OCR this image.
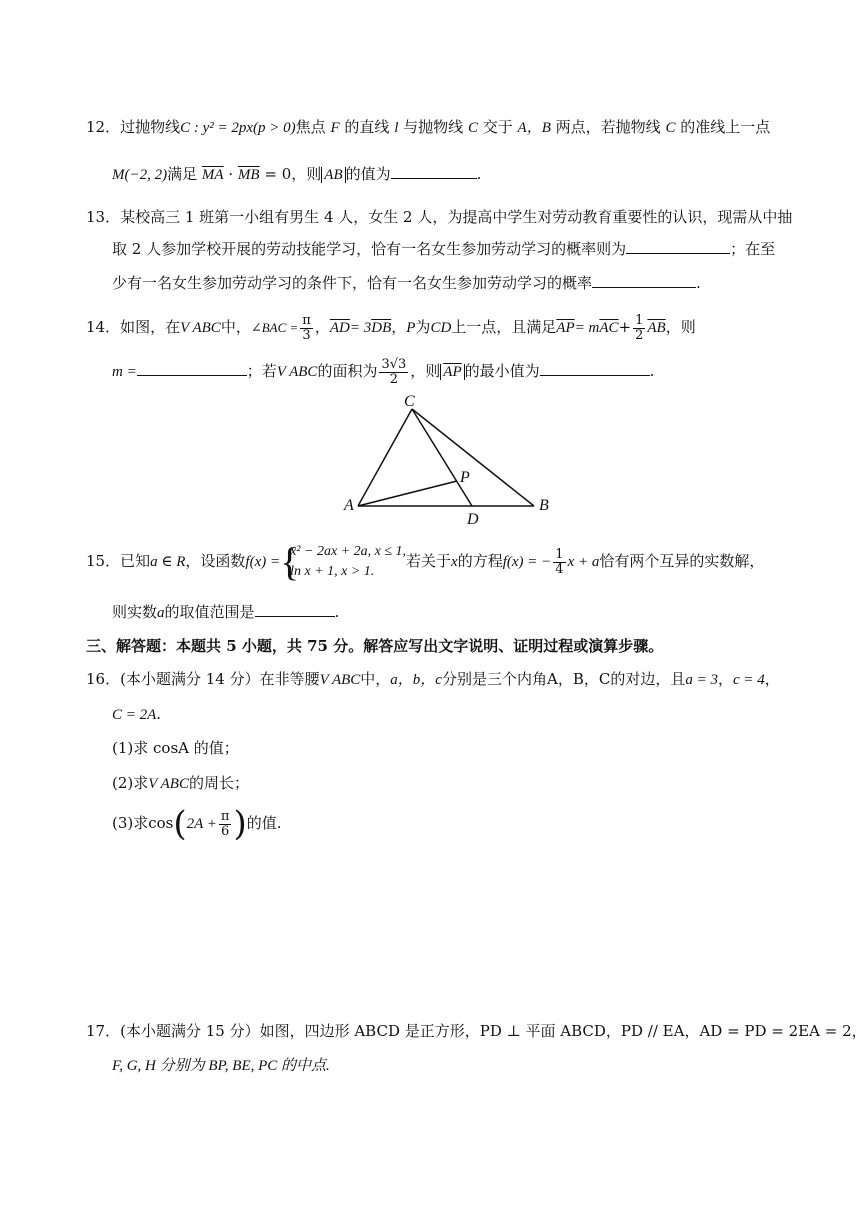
12．过抛物线C : y² = 2px(p > 0)焦点 F 的直线 l 与抛物线 C 交于 A，B 两点，若抛物线 C 的准线上一点
M(−2, 2)满足 $\overline{MA} \cdot \overline{MB} = 0$，则 AB 的值为	.
13．某校高三 1 班第一小组有男生 4 人，女生 2 人，为提高中学生对劳动教育重要性的认识，现需从中抽
取 2 人参加学校开展的劳动技能学习，恰有一名女生参加劳动学习的概率则为	；在至
少有一名女生参加劳动学习的条件下，恰有一名女生参加劳动学习的概率	.
14．如图，在V ABC中，∠BAC = $\frac{\pi}{3}$ ，$\overline{AD}= 3\overline{DB}$，P为CD上一点，且满足$\overline{AP}= m\overline{AC}+ \frac{1}{2} \overline{AB}$，则
m =	；若V ABC的面积为 $\frac{3√3}{2}$ ，则 $\overline{AP}$ 的最小值为	.
C
P
A
D
B
15．已知a ∈ R，设函数f(x) = {
x² − 2ax + 2a, x ≤ 1,
ln x + 1, x > 1.
若关于x的方程f(x) = − $\frac{1}{4}$ x + a恰有两个互异的实数解，
则实数a的取值范围是	.
三、解答题：本题共 5 小题，共 75 分。解答应写出文字说明、证明过程或演算步骤。
16．(本小题满分 14 分）在非等腰V ABC中，a，b，c分别是三个内角A，B，C的对边，且a = 3，c = 4，
C = 2A.
(1)求 cosA 的值；
(2)求V ABC的周长；
(3)求$\cos(2A + \frac{\pi}{6}$ )的值.
17．(本小题满分 15 分）如图，四边形 ABCD 是正方形，PD ⊥ 平面 ABCD，PD // EA，AD = PD = 2EA = 2，
F, G, H 分别为 BP, BE, PC 的中点.
